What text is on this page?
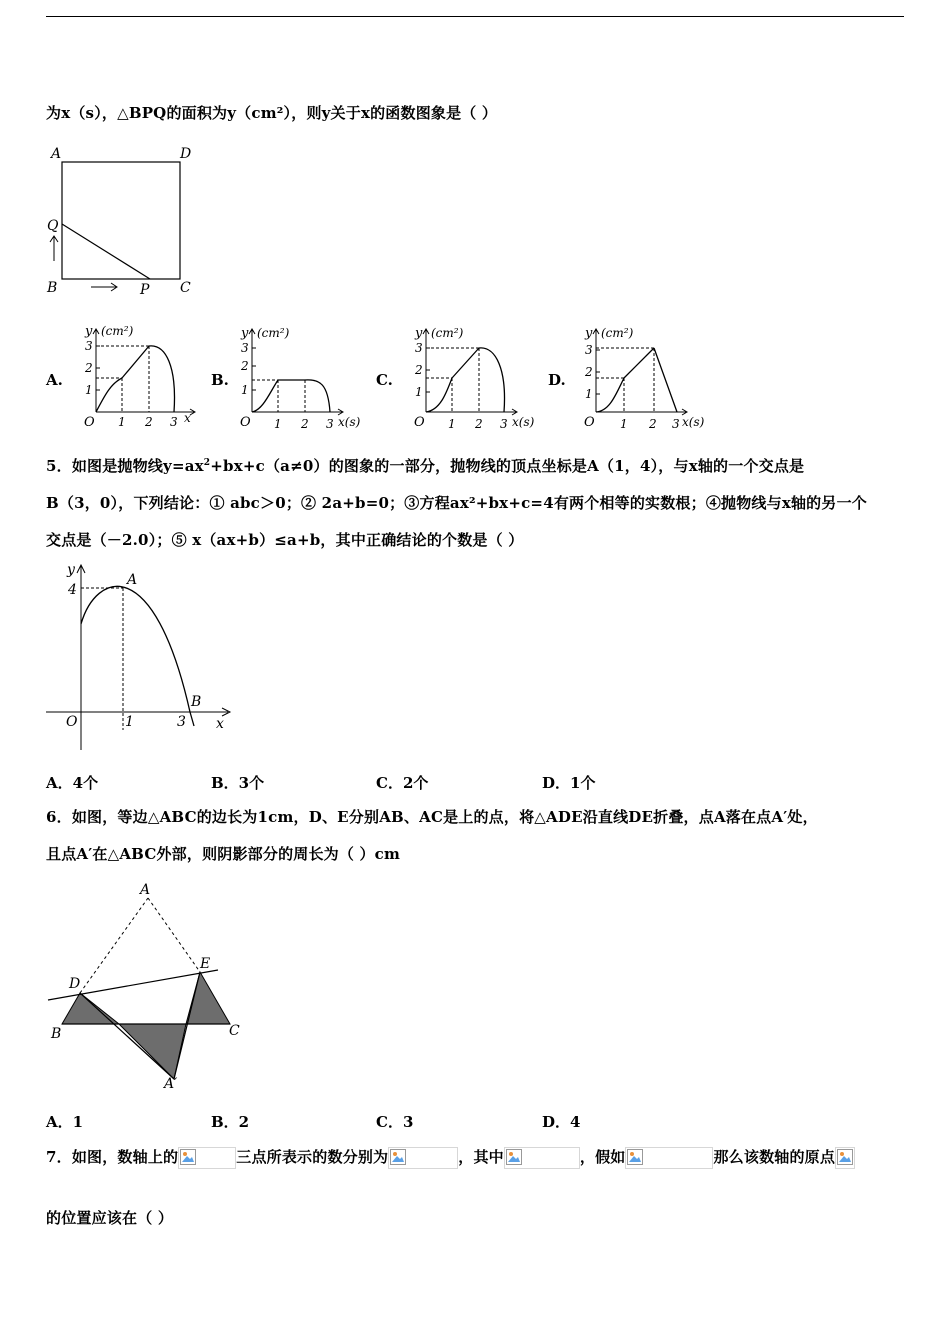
为x（s），△BPQ的面积为y（cm²），则y关于x的函数图象是（ ）
A	D
Q
B	P C
A.
y (cm²)
3
2
1
O 1 2 3 x
B.
y (cm²)
3
2
1
O 1 2 3 x(s)
C.
y (cm²)
3
2
1
O 1 2 3 x(s)
D.
y (cm²)
3
2
1
O 1 2 3 x(s)
5．如图是抛物线$y=ax^2+bx+c(a\ne 0)$的图象的一部分，抛物线的顶点坐标是A（1，4），与x轴的一个交点是
B（3，0），下列结论：① abc＞0；② 2a+b=0；③方程ax²+bx+c=4有两个相等的实数根；④抛物线与x轴的另一个
交点是（－2.0）；⑤ x（ax+b）≤a+b，其中正确结论的个数是（ ）
y
4
A
B
O	1	3 x
A．4个	B．3个	C．2个	D．1个
6．如图，等边△ABC的边长为1cm，D、E分别AB、AC是上的点，将△ADE沿直线DE折叠，点A落在点A′处，
且点A′在△ABC外部，则阴影部分的周长为（ ）cm
A
D
E
B	C
A′
A．1	B．2	C．3	D．4
7．如图，数轴上的	三点所表示的数分别为	，其中	，假如	那么该数轴的原点
的位置应该在（ ）
